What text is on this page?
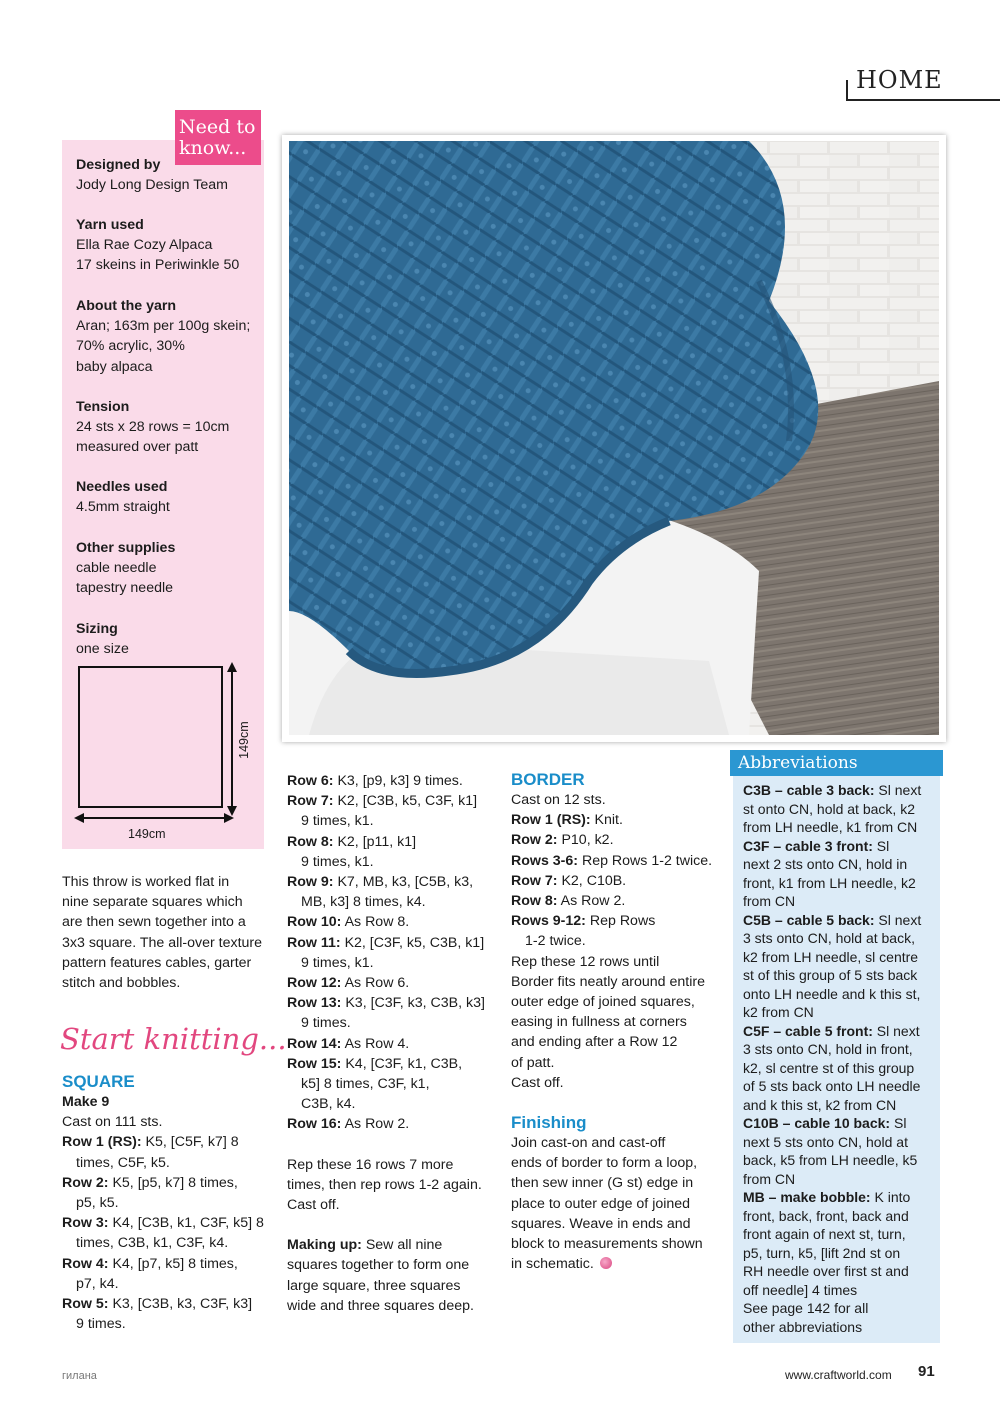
HOME
Need to know...
Designed by
Jody Long Design Team
Yarn used
Ella Rae Cozy Alpaca
17 skeins in Periwinkle 50
About the yarn
Aran; 163m per 100g skein;
70% acrylic, 30%
baby alpaca
Tension
24 sts x 28 rows = 10cm
measured over patt
Needles used
4.5mm straight
Other supplies
cable needle
tapestry needle
Sizing
one size
149cm
149cm
This throw is worked flat in
nine separate squares which
are then sewn together into a
3x3 square. The all-over texture
pattern features cables, garter
stitch and bobbles.
Start knitting...
SQUARE
Make 9
Cast on 111 sts.
Row 1 (RS): K5, [C5F, k7] 8
times, C5F, k5.
Row 2: K5, [p5, k7] 8 times,
p5, k5.
Row 3: K4, [C3B, k1, C3F, k5] 8
times, C3B, k1, C3F, k4.
Row 4: K4, [p7, k5] 8 times,
p7, k4.
Row 5: K3, [C3B, k3, C3F, k3]
9 times.
Row 6: K3, [p9, k3] 9 times.
Row 7: K2, [C3B, k5, C3F, k1]
9 times, k1.
Row 8: K2, [p11, k1]
9 times, k1.
Row 9: K7, MB, k3, [C5B, k3,
MB, k3] 8 times, k4.
Row 10: As Row 8.
Row 11: K2, [C3F, k5, C3B, k1]
9 times, k1.
Row 12: As Row 6.
Row 13: K3, [C3F, k3, C3B, k3]
9 times.
Row 14: As Row 4.
Row 15: K4, [C3F, k1, C3B,
k5] 8 times, C3F, k1,
C3B, k4.
Row 16: As Row 2.
Rep these 16 rows 7 more
times, then rep rows 1-2 again.
Cast off.
Making up: Sew all nine
squares together to form one
large square, three squares
wide and three squares deep.
BORDER
Cast on 12 sts.
Row 1 (RS): Knit.
Row 2: P10, k2.
Rows 3-6: Rep Rows 1-2 twice.
Row 7: K2, C10B.
Row 8: As Row 2.
Rows 9-12: Rep Rows
1-2 twice.
Rep these 12 rows until
Border fits neatly around entire
outer edge of joined squares,
easing in fullness at corners
and ending after a Row 12
of patt.
Cast off.
Finishing
Join cast-on and cast-off
ends of border to form a loop,
then sew inner (G st) edge in
place to outer edge of joined
squares. Weave in ends and
block to measurements shown
in schematic.
Abbreviations
C3B – cable 3 back: Sl next
st onto CN, hold at back, k2
from LH needle, k1 from CN
C3F – cable 3 front: Sl
next 2 sts onto CN, hold in
front, k1 from LH needle, k2
from CN
C5B – cable 5 back: Sl next
3 sts onto CN, hold at back,
k2 from LH needle, sl centre
st of this group of 5 sts back
onto LH needle and k this st,
k2 from CN
C5F – cable 5 front: Sl next
3 sts onto CN, hold in front,
k2, sl centre st of this group
of 5 sts back onto LH needle
and k this st, k2 from CN
C10B – cable 10 back: Sl
next 5 sts onto CN, hold at
back, k5 from LH needle, k5
from CN
MB – make bobble: K into
front, back, front, back and
front again of next st, turn,
p5, turn, k5, [lift 2nd st on
RH needle over first st and
off needle] 4 times
See page 142 for all
other abbreviations
гилана	www.craftworld.com 91
